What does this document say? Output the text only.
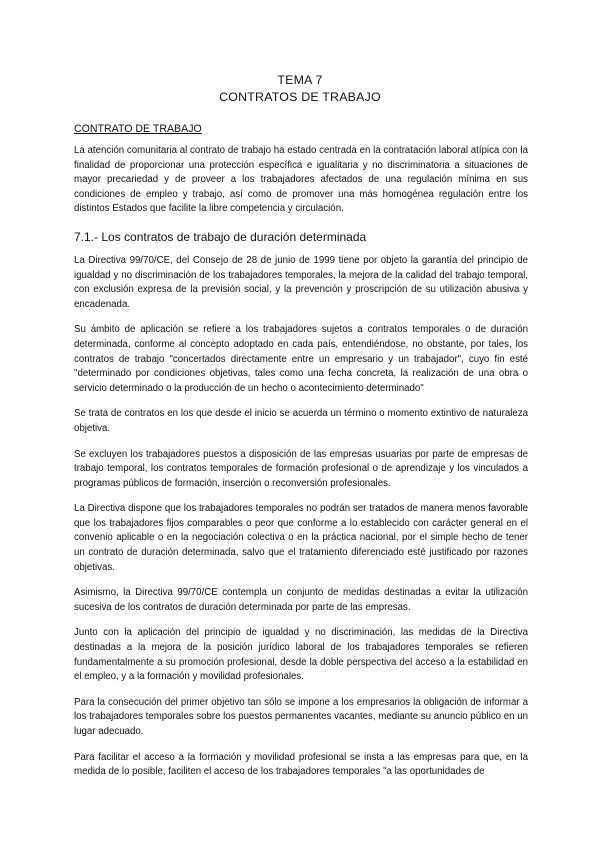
TEMA 7
CONTRATOS DE TRABAJO
CONTRATO DE TRABAJO

La atención comunitaria al contrato de trabajo ha estado centrada en la contratación laboral atípica con la finalidad de proporcionar una protección específica e igualitaria y no discriminatoria a situaciones de mayor precariedad y de proveer a los trabajadores afectados de una regulación mínima en sus condiciones de empleo y trabajo, así como de promover una más homogénea regulación entre los distintos Estados que facilite la libre competencia y circulación.

7.1.- Los contratos de trabajo de duración determinada

La Directiva 99/70/CE, del Consejo de 28 de junio de 1999 tiene por objeto la garantía del principio de igualdad y no discriminación de los trabajadores temporales, la mejora de la calidad del trabajo temporal, con exclusión expresa de la previsión social, y la prevención y proscripción de su utilización abusiva y encadenada.

Su ámbito de aplicación se refiere a los trabajadores sujetos a contratos temporales o de duración determinada, conforme al concepto adoptado en cada país, entendiéndose, no obstante, por tales, los contratos de trabajo "concertados directamente entre un empresario y un trabajador", cuyo fin esté "determinado por condiciones objetivas, tales como una fecha concreta, la realización de una obra o servicio determinado o la producción de un hecho o acontecimiento determinado"

Se trata de contratos en los que desde el inicio se acuerda un término o momento extintivo de naturaleza objetiva.

Se excluyen los trabajadores puestos a disposición de las empresas usuarias por parte de empresas de trabajo temporal, los contratos temporales de formación profesional o de aprendizaje y los vinculados a programas públicos de formación, inserción o reconversión profesionales.

La Directiva dispone que los trabajadores temporales no podrán ser tratados de manera menos favorable que los trabajadores fijos comparables o peor que conforme a lo establecido con carácter general en el convenio aplicable o en la negociación colectiva o en la práctica nacional, por el simple hecho de tener un contrato de duración determinada, salvo que el tratamiento diferenciado esté justificado por razones objetivas.

Asimismo, la Directiva 99/70/CE contempla un conjunto de medidas destinadas a evitar la utilización sucesiva de los contratos de duración determinada por parte de las empresas.

Junto con la aplicación del principio de igualdad y no discriminación, las medidas de la Directiva destinadas a la mejora de la posición jurídico laboral de los trabajadores temporales se refieren fundamentalmente a su promoción profesional, desde la doble perspectiva del acceso a la estabilidad en el empleo, y a la formación y movilidad profesionales.

Para la consecución del primer objetivo tan sólo se impone a los empresarios la obligación de informar a los trabajadores temporales sobre los puestos permanentes vacantes, mediante su anuncio público en un lugar adecuado.

Para facilitar el acceso a la formación y movilidad profesional se insta a las empresas para que, en la medida de lo posible, faciliten el acceso de los trabajadores temporales "a las oportunidades de
